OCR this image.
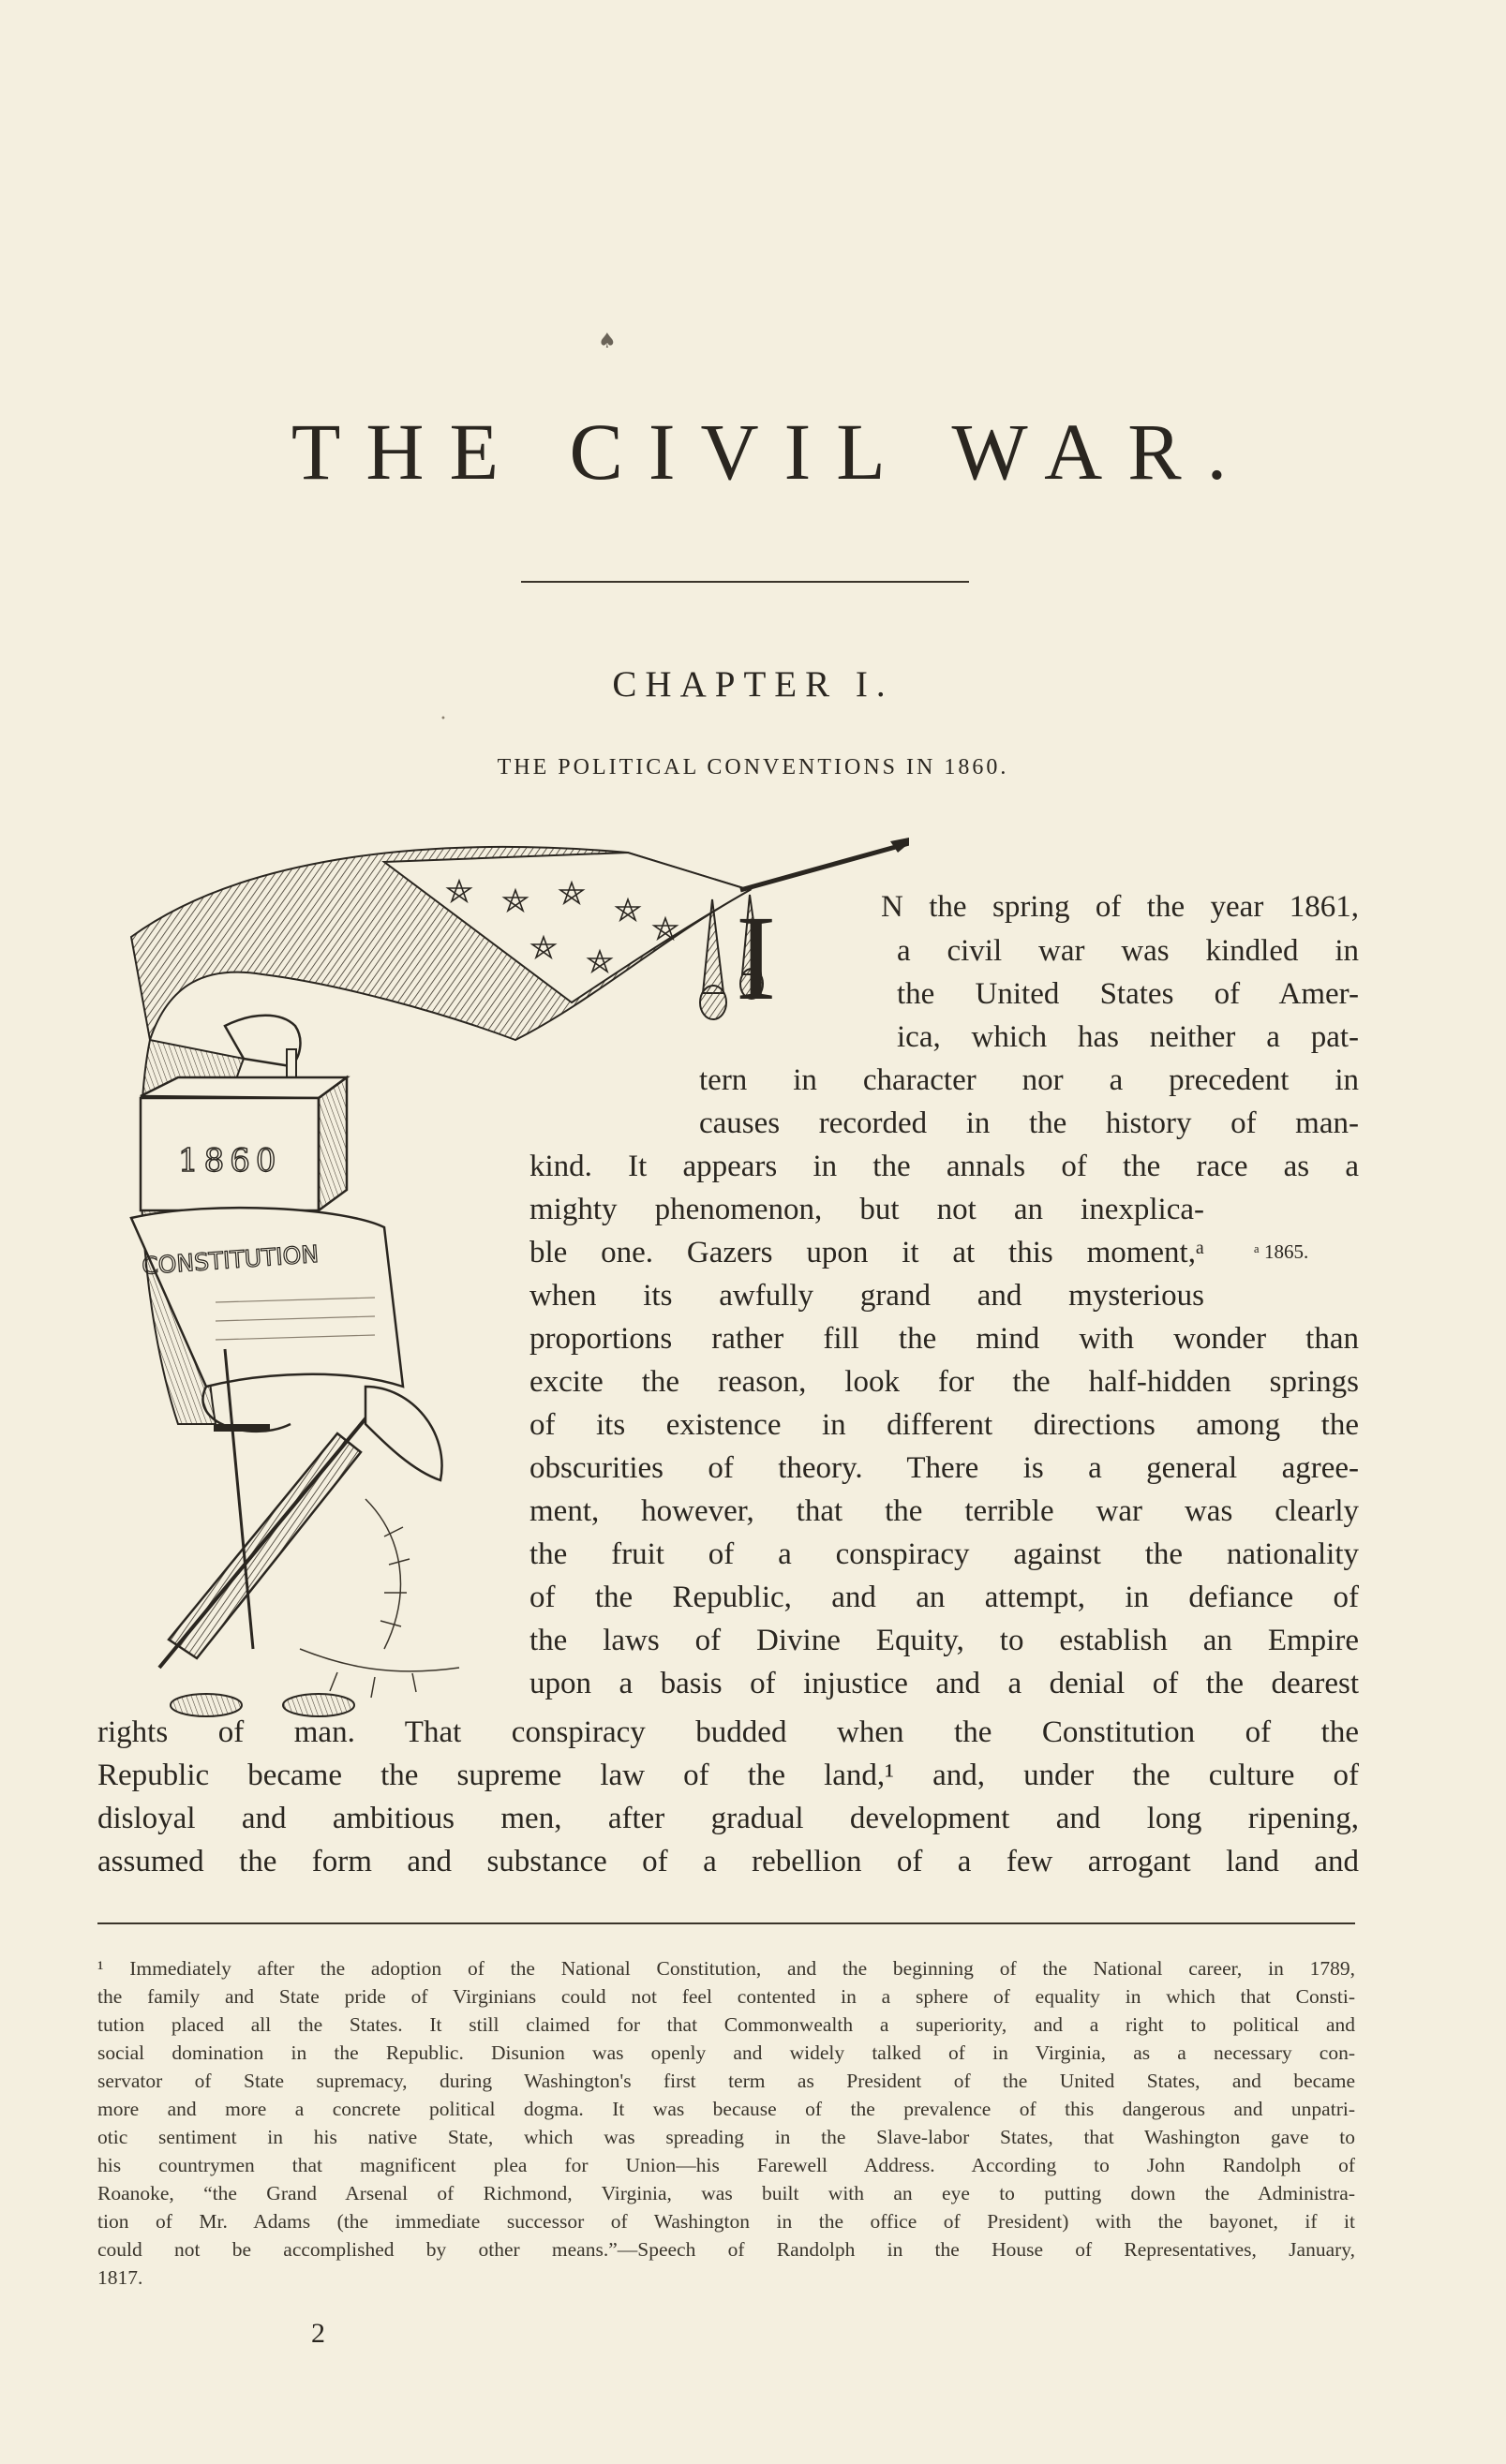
♠
THE CIVIL WAR.
CHAPTER I.
•
THE POLITICAL CONVENTIONS IN 1860.
1860
CONSTITUTION
I	N the spring of the year 1861,
a civil war was kindled in
the United States of Amer-
ica, which has neither a pat-
tern in character nor a precedent in
causes recorded in the history of man-
kind. It appears in the annals of the race as a
mighty phenomenon, but not an inexplica-
ble one. Gazers upon it at this moment,ᵃ
when its awfully grand and mysterious
proportions rather fill the mind with wonder than
excite the reason, look for the half-hidden springs
of its existence in different directions among the
obscurities of theory. There is a general agree-
ment, however, that the terrible war was clearly
the fruit of a conspiracy against the nationality
of the Republic, and an attempt, in defiance of
the laws of Divine Equity, to establish an Empire
upon a basis of injustice and a denial of the dearest
rights of man. That conspiracy budded when the Constitution of the
Republic became the supreme law of the land,¹ and, under the culture of
disloyal and ambitious men, after gradual development and long ripening,
assumed the form and substance of a rebellion of a few arrogant land and
ᵃ 1865.
¹ Immediately after the adoption of the National Constitution, and the beginning of the National career, in 1789,
the family and State pride of Virginians could not feel contented in a sphere of equality in which that Consti-
tution placed all the States. It still claimed for that Commonwealth a superiority, and a right to political and
social domination in the Republic. Disunion was openly and widely talked of in Virginia, as a necessary con-
servator of State supremacy, during Washington's first term as President of the United States, and became
more and more a concrete political dogma. It was because of the prevalence of this dangerous and unpatri-
otic sentiment in his native State, which was spreading in the Slave-labor States, that Washington gave to
his countrymen that magnificent plea for Union—his Farewell Address. According to John Randolph of
Roanoke, “the Grand Arsenal of Richmond, Virginia, was built with an eye to putting down the Administra-
tion of Mr. Adams (the immediate successor of Washington in the office of President) with the bayonet, if it
could not be accomplished by other means.”—Speech of Randolph in the House of Representatives, January,
1817.
2
